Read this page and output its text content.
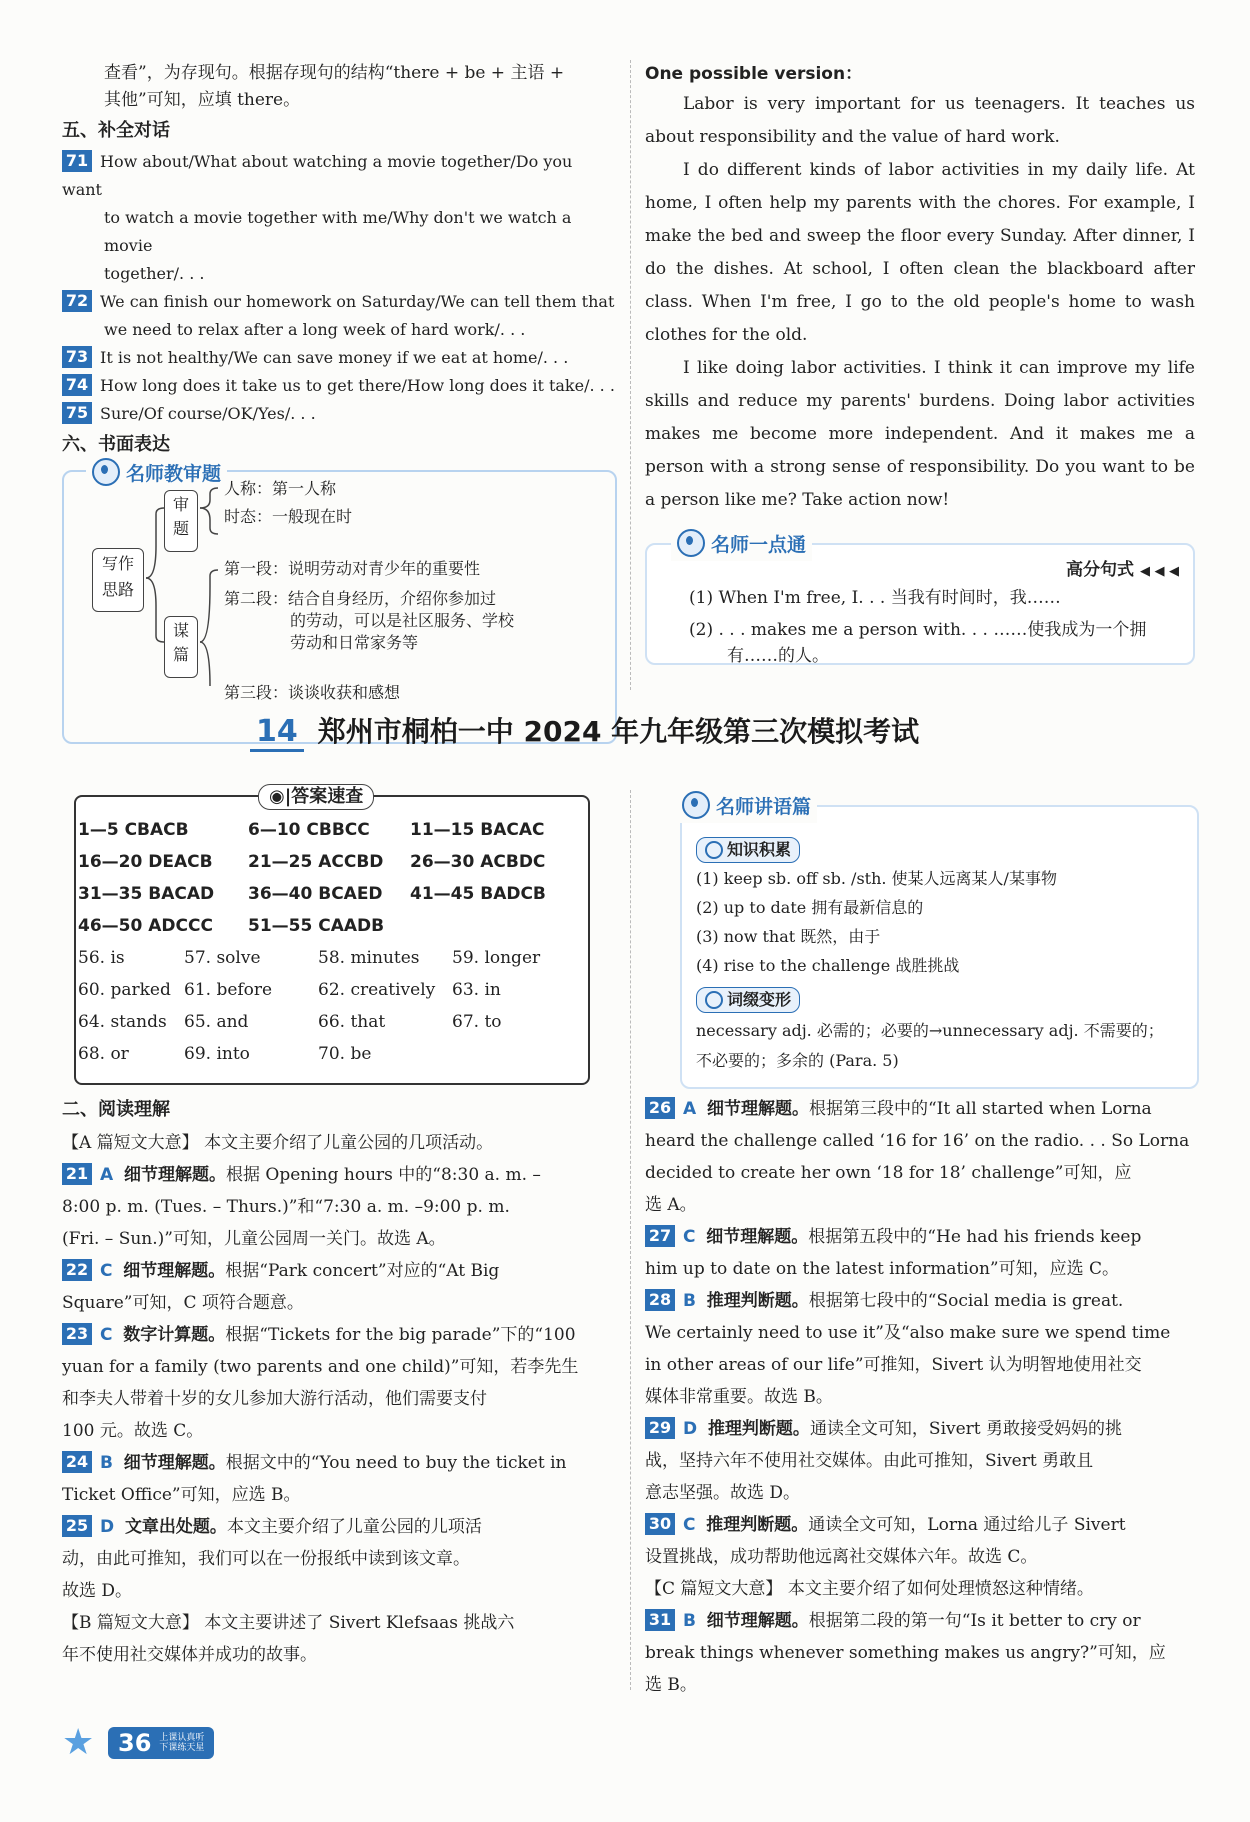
查看”，为存现句。根据存现句的结构“there + be + 主语 +

其他”可知，应填 there。

五、补全对话

71 How about/What about watching a movie together/Do you want

to watch a movie together with me/Why don't we watch a movie

together/. . .

72 We can finish our homework on Saturday/We can tell them that

we need to relax after a long week of hard work/. . .

73 It is not healthy/We can save money if we eat at home/. . .

74 How long does it take us to get there/How long does it take/. . .

75 Sure/Of course/OK/Yes/. . .

六、书面表达

名师教审题
写作思路
审题
谋篇
人称：第一人称
时态：一般现在时
第一段：说明劳动对青少年的重要性
第二段：结合自身经历，介绍你参加过
的劳动，可以是社区服务、学校
劳动和日常家务等
第三段：谈谈收获和感想

One possible version：

Labor is very important for us teenagers. It teaches us about responsibility and the value of hard work.

I do different kinds of labor activities in my daily life. At home, I often help my parents with the chores. For example, I make the bed and sweep the floor every Sunday. After dinner, I do the dishes. At school, I often clean the blackboard after class. When I'm free, I go to the old people's home to wash clothes for the old.

I like doing labor activities. I think it can improve my life skills and reduce my parents' burdens. Doing labor activities makes me become more independent. And it makes me a person with a strong sense of responsibility. Do you want to be a person like me? Take action now!

名师一点通
高分句式 ◀ ◀ ◀

(1) When I'm free, I. . . 当我有时间时，我……

(2) . . . makes me a person with. . . ……使我成为一个拥

有……的人。

14 郑州市桐柏一中 2024 年九年级第三次模拟考试
◉|答案速查
1—5 CBACB	6—10 CBBCC	11—15 BACAC
16—20 DEACB	21—25 ACCBD	26—30 ACBDC
31—35 BACAD	36—40 BCAED	41—45 BADCB
46—50 ADCCC	51—55 CAADB
56. is	57. solve	58. minutes	59. longer
60. parked 61. before	62. creatively 63. in
64. stands	65. and	66. that	67. to
68. or	69. into	70. be
名师讲语篇
知识积累

(1) keep sb. off sb. /sth. 使某人远离某人/某事物

(2) up to date 拥有最新信息的

(3) now that 既然，由于

(4) rise to the challenge 战胜挑战

词缀变形

necessary adj. 必需的；必要的→unnecessary adj. 不需要的；

不必要的；多余的 (Para. 5)

二、阅读理解

【A 篇短文大意】 本文主要介绍了儿童公园的几项活动。

21 A 细节理解题。根据 Opening hours 中的“8:30 a. m. –

8:00 p. m. (Tues. – Thurs.)”和“7:30 a. m. –9:00 p. m.

(Fri. – Sun.)”可知，儿童公园周一关门。故选 A。

22 C 细节理解题。根据“Park concert”对应的“At Big

Square”可知，C 项符合题意。

23 C 数字计算题。根据“Tickets for the big parade”下的“100

yuan for a family (two parents and one child)”可知，若李先生

和李夫人带着十岁的女儿参加大游行活动，他们需要支付

100 元。故选 C。

24 B 细节理解题。根据文中的“You need to buy the ticket in

Ticket Office”可知，应选 B。

25 D 文章出处题。本文主要介绍了儿童公园的儿项活

动，由此可推知，我们可以在一份报纸中读到该文章。

故选 D。

【B 篇短文大意】 本文主要讲述了 Sivert Klefsaas 挑战六

年不使用社交媒体并成功的故事。

26 A 细节理解题。根据第三段中的“It all started when Lorna

heard the challenge called ‘16 for 16’ on the radio. . . So Lorna

decided to create her own ‘18 for 18’ challenge”可知，应

选 A。

27 C 细节理解题。根据第五段中的“He had his friends keep

him up to date on the latest information”可知，应选 C。

28 B 推理判断题。根据第七段中的“Social media is great.

We certainly need to use it”及“also make sure we spend time

in other areas of our life”可推知，Sivert 认为明智地使用社交

媒体非常重要。故选 B。

29 D 推理判断题。通读全文可知，Sivert 勇敢接受妈妈的挑

战，坚持六年不使用社交媒体。由此可推知，Sivert 勇敢且

意志坚强。故选 D。

30 C 推理判断题。通读全文可知，Lorna 通过给儿子 Sivert

设置挑战，成功帮助他远离社交媒体六年。故选 C。

【C 篇短文大意】 本文主要介绍了如何处理愤怒这种情绪。

31 B 细节理解题。根据第二段的第一句“Is it better to cry or

break things whenever something makes us angry?”可知，应

选 B。

★ 36 上课认真听
下课练天星
